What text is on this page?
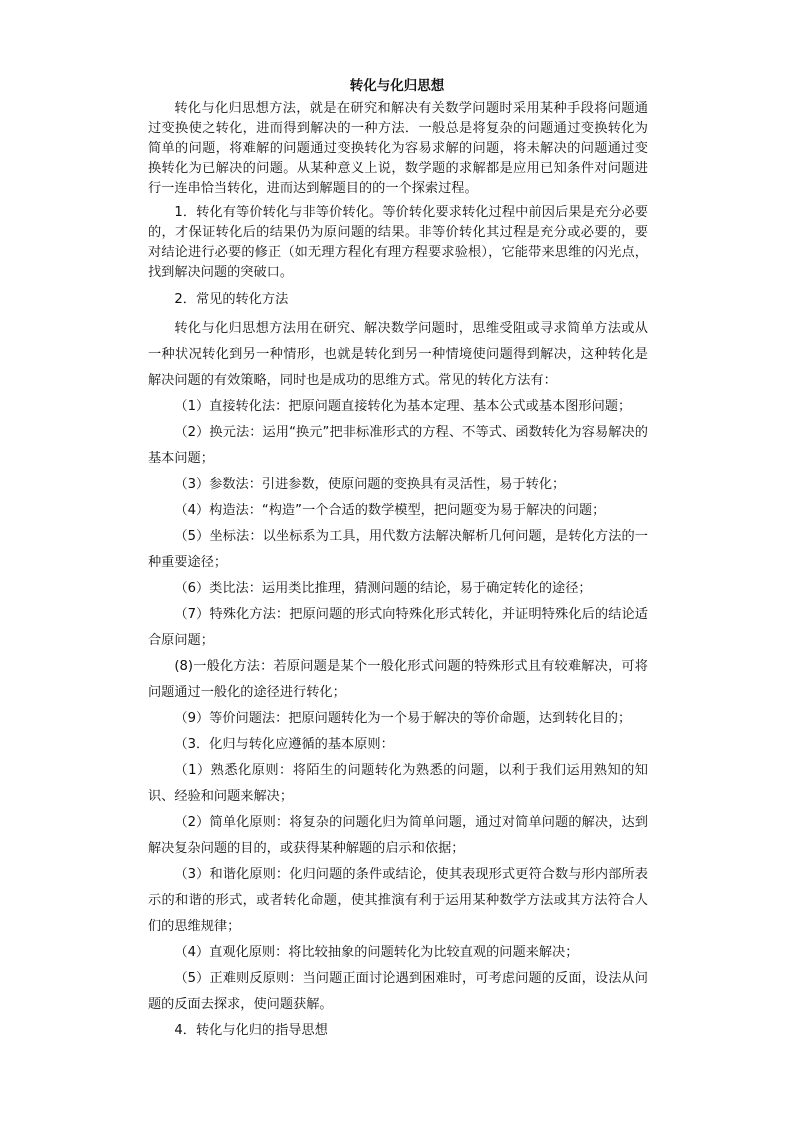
转化与化归思想

转化与化归思想方法，就是在研究和解决有关数学问题时采用某种手段将问题通过变换使之转化，进而得到解决的一种方法．一般总是将复杂的问题通过变换转化为简单的问题，将难解的问题通过变换转化为容易求解的问题，将未解决的问题通过变换转化为已解决的问题。从某种意义上说，数学题的求解都是应用已知条件对问题进行一连串恰当转化，进而达到解题目的的一个探索过程。

1．转化有等价转化与非等价转化。等价转化要求转化过程中前因后果是充分必要的，才保证转化后的结果仍为原问题的结果。非等价转化其过程是充分或必要的，要对结论进行必要的修正（如无理方程化有理方程要求验根），它能带来思维的闪光点，找到解决问题的突破口。

2．常见的转化方法

转化与化归思想方法用在研究、解决数学问题时，思维受阻或寻求简单方法或从一种状况转化到另一种情形，也就是转化到另一种情境使问题得到解决，这种转化是解决问题的有效策略，同时也是成功的思维方式。常见的转化方法有：

（1）直接转化法：把原问题直接转化为基本定理、基本公式或基本图形问题；

（2）换元法：运用“换元”把非标准形式的方程、不等式、函数转化为容易解决的基本问题；

（3）参数法：引进参数，使原问题的变换具有灵活性，易于转化；

（4）构造法：“构造”一个合适的数学模型，把问题变为易于解决的问题；

（5）坐标法：以坐标系为工具，用代数方法解决解析几何问题，是转化方法的一种重要途径；

（6）类比法：运用类比推理，猜测问题的结论，易于确定转化的途径；

（7）特殊化方法：把原问题的形式向特殊化形式转化，并证明特殊化后的结论适合原问题；

(8)一般化方法：若原问题是某个一般化形式问题的特殊形式且有较难解决，可将问题通过一般化的途径进行转化；

（9）等价问题法：把原问题转化为一个易于解决的等价命题，达到转化目的；

（3．化归与转化应遵循的基本原则：

（1）熟悉化原则：将陌生的问题转化为熟悉的问题，以利于我们运用熟知的知识、经验和问题来解决；

（2）简单化原则：将复杂的问题化归为简单问题，通过对简单问题的解决，达到解决复杂问题的目的，或获得某种解题的启示和依据；

（3）和谐化原则：化归问题的条件或结论，使其表现形式更符合数与形内部所表示的和谐的形式，或者转化命题，使其推演有利于运用某种数学方法或其方法符合人们的思维规律；

（4）直观化原则：将比较抽象的问题转化为比较直观的问题来解决；

（5）正难则反原则：当问题正面讨论遇到困难时，可考虑问题的反面，设法从问题的反面去探求，使问题获解。

4．转化与化归的指导思想
